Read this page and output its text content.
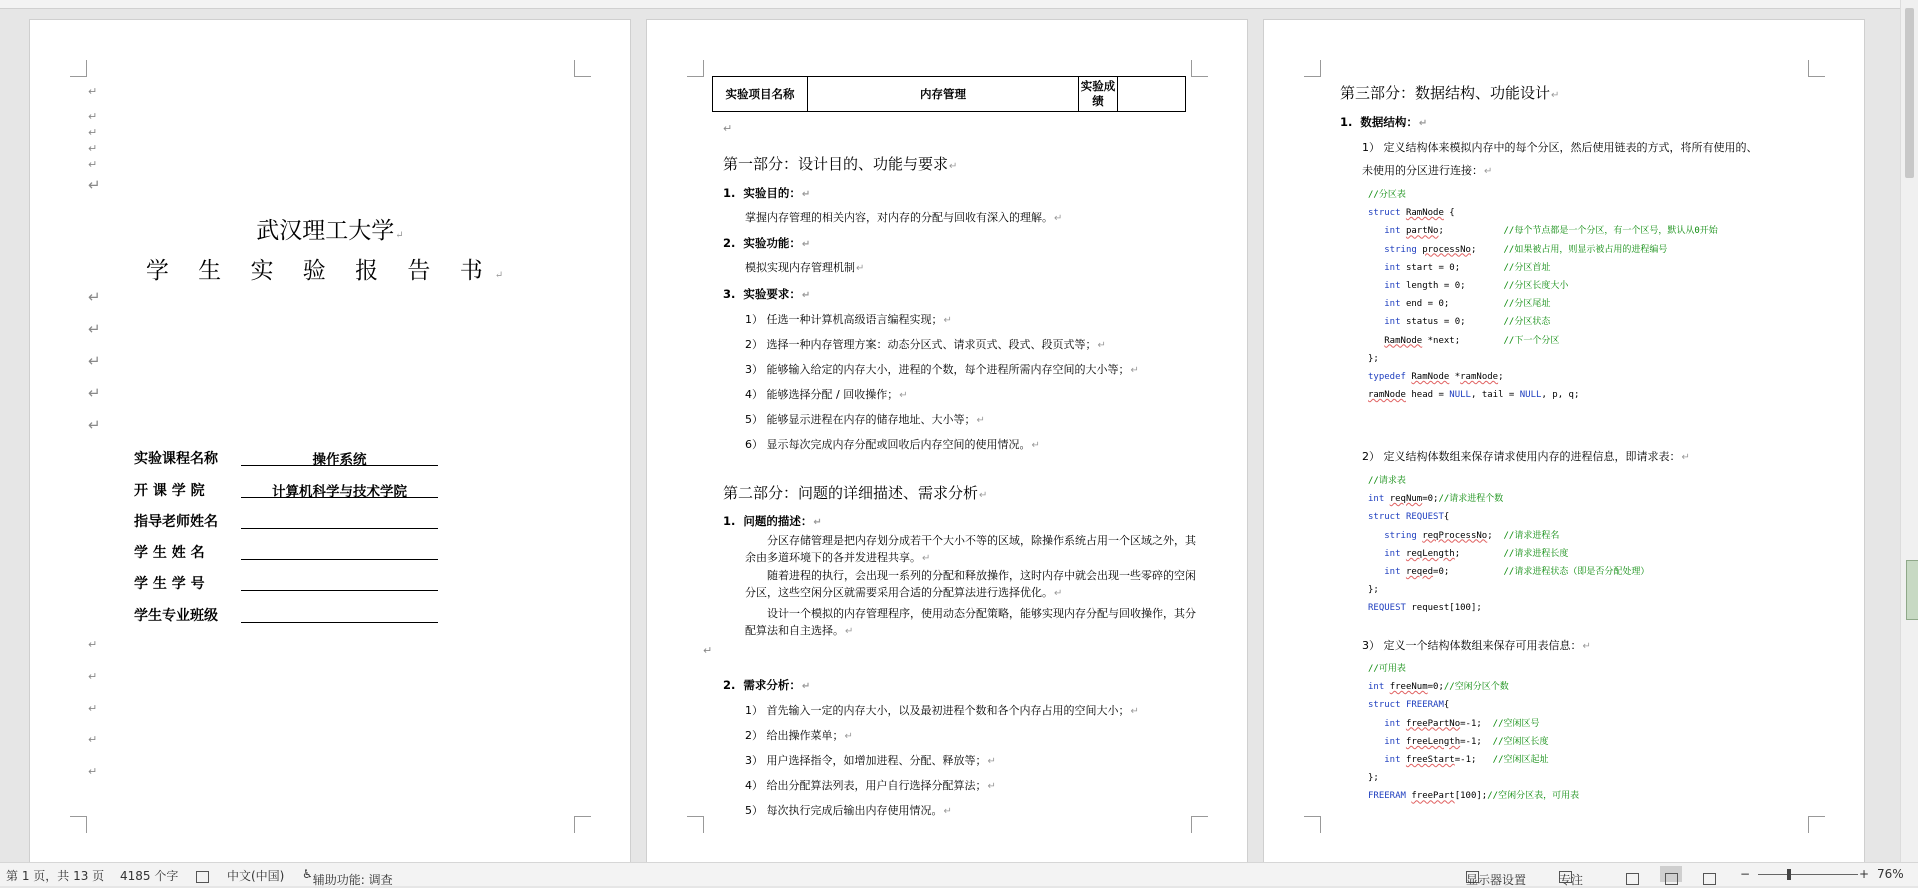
↵
↵
↵
↵
↵
↵
武汉理工大学 ↵
学 生 实 验 报 告 书 ↵
↵
↵
↵
↵
↵
实验课程名称	操作系统
开 课 学 院	计算机科学与技术学院
指导老师姓名
学 生 姓 名
学 生 学 号
学生专业班级
↵
↵
↵
↵
↵
实验项目名称	内存管理	实验成绩	
↵
第一部分：设计目的、功能与要求 ↵
1.  实验目的： ↵
掌握内存管理的相关内容，对内存的分配与回收有深入的理解。 ↵
2.  实验功能： ↵
模拟实现内存管理机制 ↵
3.  实验要求： ↵
1） 任选一种计算机高级语言编程实现； ↵
2） 选择一种内存管理方案：动态分区式、请求页式、段式、段页式等； ↵
3） 能够输入给定的内存大小，进程的个数，每个进程所需内存空间的大小等； ↵
4） 能够选择分配 / 回收操作； ↵
5） 能够显示进程在内存的储存地址、大小等； ↵
6） 显示每次完成内存分配或回收后内存空间的使用情况。 ↵
第二部分：问题的详细描述、需求分析 ↵
1.  问题的描述： ↵
分区存储管理是把内存划分成若干个大小不等的区域，除操作系统占用一个区域之外，其余由多道环境下的各并发进程共享。 ↵
随着进程的执行，会出现一系列的分配和释放操作，这时内存中就会出现一些零碎的空闲分区，这些空闲分区就需要采用合适的分配算法进行选择优化。 ↵
设计一个模拟的内存管理程序，使用动态分配策略，能够实现内存分配与回收操作，其分配算法和自主选择。 ↵
↵
2.  需求分析： ↵
1） 首先输入一定的内存大小，以及最初进程个数和各个内存占用的空间大小； ↵
2） 给出操作菜单； ↵
3） 用户选择指令，如增加进程、分配、释放等； ↵
4） 给出分配算法列表，用户自行选择分配算法； ↵
5） 每次执行完成后输出内存使用情况。 ↵
第三部分：数据结构、功能设计 ↵
1.  数据结构： ↵
1） 定义结构体来模拟内存中的每个分区，然后使用链表的方式，将所有使用的、
未使用的分区进行连接： ↵
//分区表
struct RamNode {
int partNo;           //每个节点都是一个分区，有一个区号，默认从0开始
string processNo;     //如果被占用，则显示被占用的进程编号
int start = 0;        //分区首址
int length = 0;       //分区长度大小
int end = 0;          //分区尾址
int status = 0;       //分区状态
RamNode *next;        //下一个分区
};
typedef RamNode *ramNode;
ramNode head = NULL, tail = NULL, p, q;
2） 定义结构体数组来保存请求使用内存的进程信息，即请求表： ↵
//请求表
int reqNum=0;//请求进程个数
struct REQUEST{
string reqProcessNo;  //请求进程名
int reqLength;        //请求进程长度
int reqed=0;          //请求进程状态（即是否分配处理）
};
REQUEST request[100];
3） 定义一个结构体数组来保存可用表信息： ↵
//可用表
int freeNum=0;//空闲分区个数
struct FREERAM{
int freePartNo=-1;  //空闲区号
int freeLength=-1;  //空闲区长度
int freeStart=-1;   //空闲区起址
};
FREERAM freePart[100];//空闲分区表，可用表
第 1 页，共 13 页 4185 个字	中文(中国) ♿ 辅助功能: 调查	显示器设置	专注	−	+ 76%
